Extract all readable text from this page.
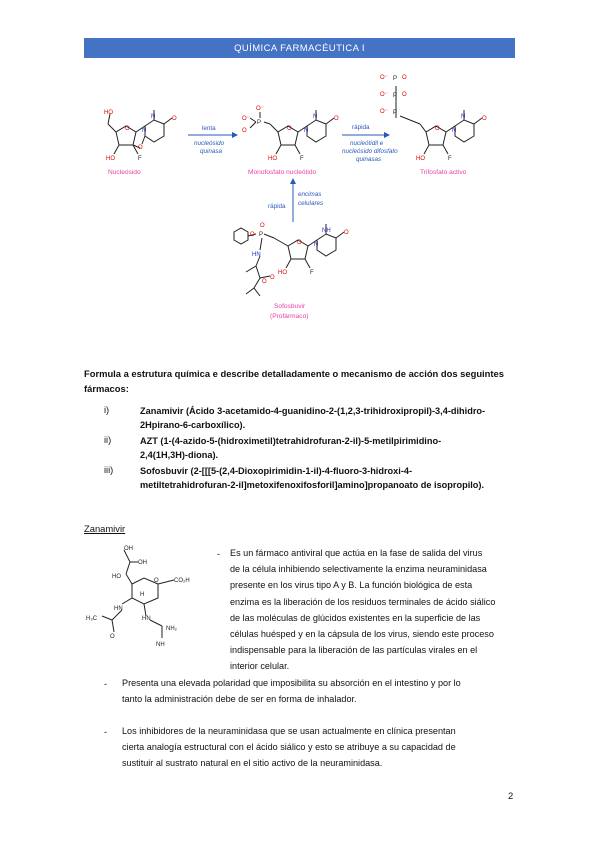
QUÍMICA FARMACÉUTICA I
O
HO
HO	F
N
N	O
O
Nucleósido
lenta
nucleósido
quinasa
P
O⁻
O⁻
O	O
HO	F
N
N	O
Monofosfato nucleótido
rápida
nucleótidil e
nucleósido difosfato
quinasas
O⁻ P O
O⁻ P O
O⁻ P
O
HO	F
N
N	O
Trifosfato activo
rápida
encimas
celulares
O P
O
HN
O
O
O
HO	F
N
NH O
Sofosbuvir
(Profármaco)
Formula a estrutura química e describe detalladamente o mecanismo de acción dos seguintes fármacos:
i)	Zanamivir (Ácido 3-acetamido-4-guanidino-2-(1,2,3-trihidroxipropil)-3,4-dihidro-
2Hpirano-6-carboxílico).
ii)	AZT (1-(4-azido-5-(hidroximetil)tetrahidrofuran-2-il)-5-metilpirimidino-
2,4(1H,3H)-diona).
iii)	Sofosbuvir (2-[[[5-(2,4-Dioxopirimidin-1-il)-4-fluoro-3-hidroxi-4-
metiltetrahidrofuran-2-il]metoxifenoxifosforil]amino]propanoato de isopropilo).
Zanamivir
OH
HO
OH
O	CO₂H
H
HN
H₃C
O
HN
NH₂
NH
- Es un fármaco antiviral que actúa en la fase de salida del virus
de la célula inhibiendo selectivamente la enzima neuraminidasa
presente en los virus tipo A y B. La función biológica de esta
enzima es la liberación de los residuos terminales de ácido siálico
de las moléculas de glúcidos existentes en la superficie de las
células huésped y en la cápsula de los virus, siendo este proceso
indispensable para la liberación de las partículas virales en el
interior celular.
- Presenta una elevada polaridad que imposibilita su absorción en el intestino y por lo
tanto la administración debe de ser en forma de inhalador.
- Los inhibidores de la neuraminidasa que se usan actualmente en clínica presentan
cierta analogía estructural con el ácido siálico y esto se atribuye a su capacidad de
sustituir al sustrato natural en el sitio activo de la neuraminidasa.
2
